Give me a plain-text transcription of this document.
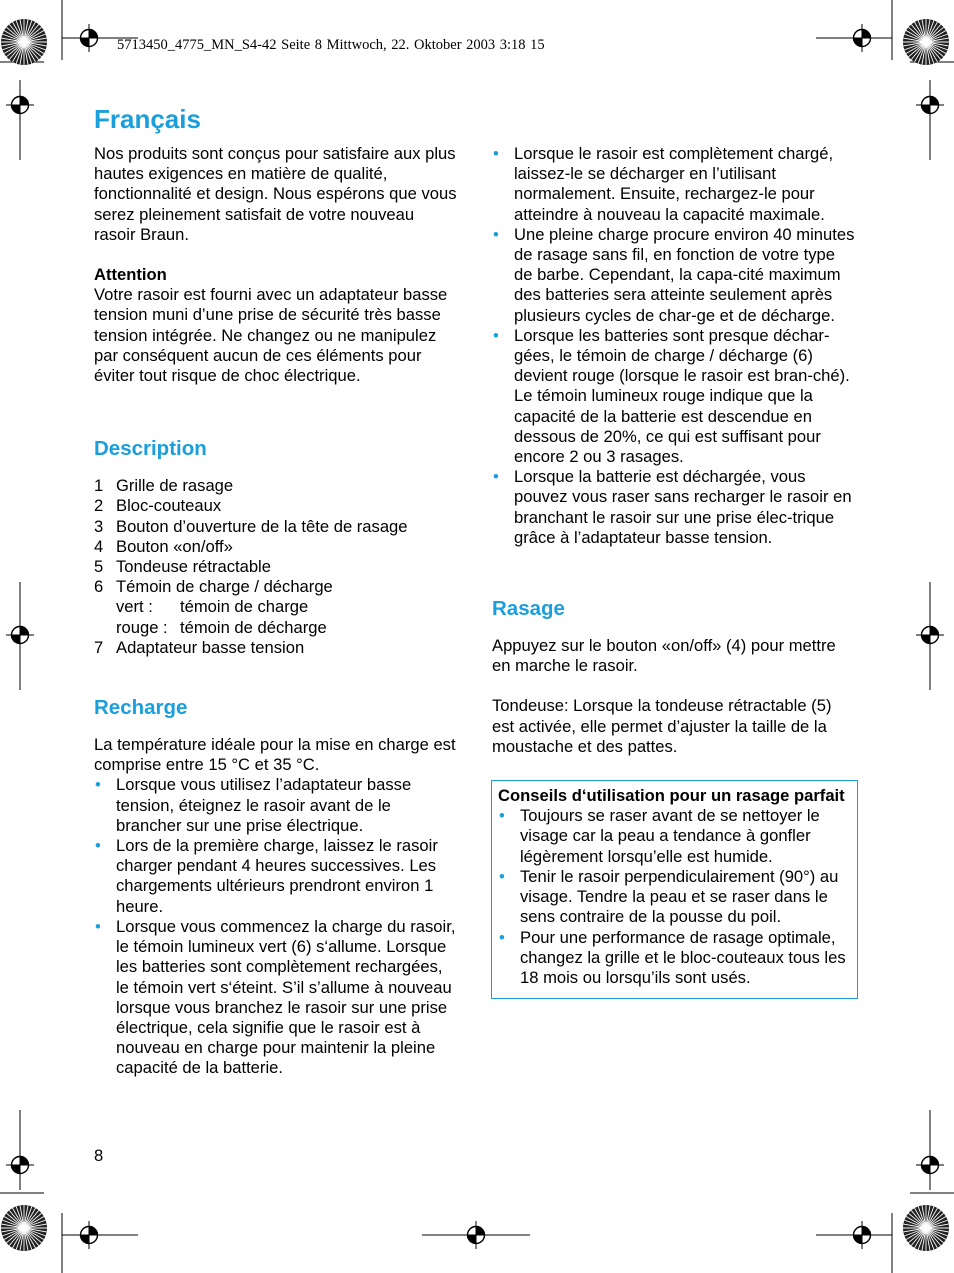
5713450_4775_MN_S4-42 Seite 8 Mittwoch, 22. Oktober 2003 3:18 15
Français

Nos produits sont conçus pour satisfaire aux plus hautes exigences en matière de qualité, fonctionnalité et design. Nous espérons que vous serez pleinement satisfait de votre nouveau rasoir Braun.

Attention

Votre rasoir est fourni avec un adaptateur basse tension muni d’une prise de sécurité très basse tension intégrée. Ne changez ou ne manipulez par conséquent aucun de ces éléments pour éviter tout risque de choc électrique.

Description
1 Grille de rasage
2 Bloc-couteaux
3 Bouton d’ouverture de la tête de rasage
4 Bouton «on/off»
5 Tondeuse rétractable
6 Témoin de charge / décharge
vert : témoin de charge
rouge : témoin de décharge
7 Adaptateur basse tension
Recharge

La température idéale pour la mise en charge est comprise entre 15 °C et 35 °C.

• Lorsque vous utilisez l’adaptateur basse tension, éteignez le rasoir avant de le brancher sur une prise électrique.
• Lors de la première charge, laissez le rasoir charger pendant 4 heures successives. Les chargements ultérieurs prendront environ 1 heure.
• Lorsque vous commencez la charge du rasoir, le témoin lumineux vert (6) s‘allume. Lorsque les batteries sont complètement rechargées, le témoin vert s‘éteint. S’il s’allume à nouveau lorsque vous branchez le rasoir sur une prise électrique, cela signifie que le rasoir est à nouveau en charge pour maintenir la pleine capacité de la batterie.
• Lorsque le rasoir est complètement chargé, laissez-le se décharger en l’utilisant normalement. Ensuite, rechargez-le pour atteindre à nouveau la capacité maximale.
• Une pleine charge procure environ 40 minutes de rasage sans fil, en fonction de votre type de barbe. Cependant, la capa-cité maximum des batteries sera atteinte seulement après plusieurs cycles de char-ge et de décharge.
• Lorsque les batteries sont presque déchar-gées, le témoin de charge / décharge (6) devient rouge (lorsque le rasoir est bran-ché). Le témoin lumineux rouge indique que la capacité de la batterie est descendue en dessous de 20%, ce qui est suffisant pour encore 2 ou 3 rasages.
• Lorsque la batterie est déchargée, vous pouvez vous raser sans recharger le rasoir en branchant le rasoir sur une prise élec-trique grâce à l’adaptateur basse tension.
Rasage

Appuyez sur le bouton «on/off» (4) pour mettre en marche le rasoir.

Tondeuse: Lorsque la tondeuse rétractable (5) est activée, elle permet d’ajuster la taille de la moustache et des pattes.

Conseils d‘utilisation pour un rasage parfait

• Toujours se raser avant de se nettoyer le visage car la peau a tendance à gonfler légèrement lorsqu’elle est humide.
• Tenir le rasoir perpendiculairement (90°) au visage. Tendre la peau et se raser dans le sens contraire de la pousse du poil.
• Pour une performance de rasage optimale, changez la grille et le bloc-couteaux tous les 18 mois ou lorsqu’ils sont usés.
8
